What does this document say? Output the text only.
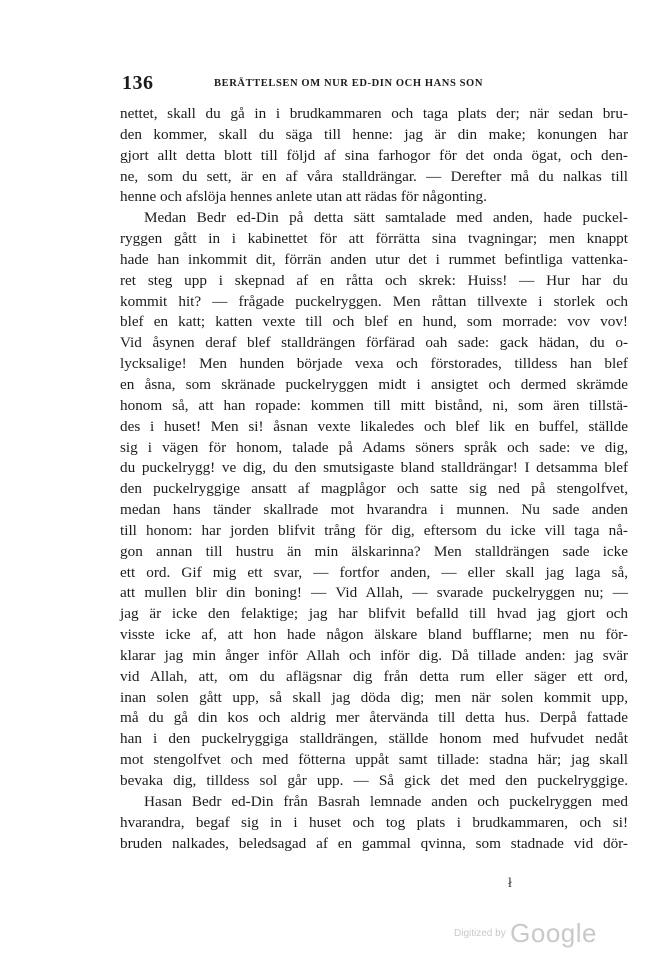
136	BERÄTTELSEN OM NUR ED-DIN OCH HANS SON
nettet, skall du gå in i brudkammaren och taga plats der; när sedan bru-
den kommer, skall du säga till henne: jag är din make; konungen har
gjort allt detta blott till följd af sina farhogor för det onda ögat, och den-
ne, som du sett, är en af våra stalldrängar. — Derefter må du nalkas till
henne och afslöja hennes anlete utan att rädas för någonting.
Medan Bedr ed-Din på detta sätt samtalade med anden, hade puckel-
ryggen gått in i kabinettet för att förrätta sina tvagningar; men knappt
hade han inkommit dit, förrän anden utur det i rummet befintliga vattenka-
ret steg upp i skepnad af en råtta och skrek: Huiss! — Hur har du
kommit hit? — frågade puckelryggen. Men råttan tillvexte i storlek och
blef en katt; katten vexte till och blef en hund, som morrade: vov vov!
Vid åsynen deraf blef stalldrängen förfärad oah sade: gack hädan, du o-
lycksalige! Men hunden började vexa och förstorades, tilldess han blef
en åsna, som skränade puckelryggen midt i ansigtet och dermed skrämde
honom så, att han ropade: kommen till mitt bistånd, ni, som ären tillstä-
des i huset! Men si! åsnan vexte likaledes och blef lik en buffel, ställde
sig i vägen för honom, talade på Adams söners språk och sade: ve dig,
du puckelrygg! ve dig, du den smutsigaste bland stalldrängar! I detsamma blef
den puckelryggige ansatt af magplågor och satte sig ned på stengolfvet,
medan hans tänder skallrade mot hvarandra i munnen. Nu sade anden
till honom: har jorden blifvit trång för dig, eftersom du icke vill taga nå-
gon annan till hustru än min älskarinna? Men stalldrängen sade icke
ett ord. Gif mig ett svar, — fortfor anden, — eller skall jag laga så,
att mullen blir din boning! — Vid Allah, — svarade puckelryggen nu; —
jag är icke den felaktige; jag har blifvit befalld till hvad jag gjort och
visste icke af, att hon hade någon älskare bland bufflarne; men nu för-
klarar jag min ånger inför Allah och inför dig. Då tillade anden: jag svär
vid Allah, att, om du aflägsnar dig från detta rum eller säger ett ord,
inan solen gått upp, så skall jag döda dig; men när solen kommit upp,
må du gå din kos och aldrig mer återvända till detta hus. Derpå fattade
han i den puckelryggiga stalldrängen, ställde honom med hufvudet nedåt
mot stengolfvet och med fötterna uppåt samt tillade: stadna här; jag skall
bevaka dig, tilldess sol går upp. — Så gick det med den puckelryggige.
Hasan Bedr ed-Din från Basrah lemnade anden och puckelryggen med
hvarandra, begaf sig in i huset och tog plats i brudkammaren, och si!
bruden nalkades, beledsagad af en gammal qvinna, som stadnade vid dör-
ł
Digitized by Google
